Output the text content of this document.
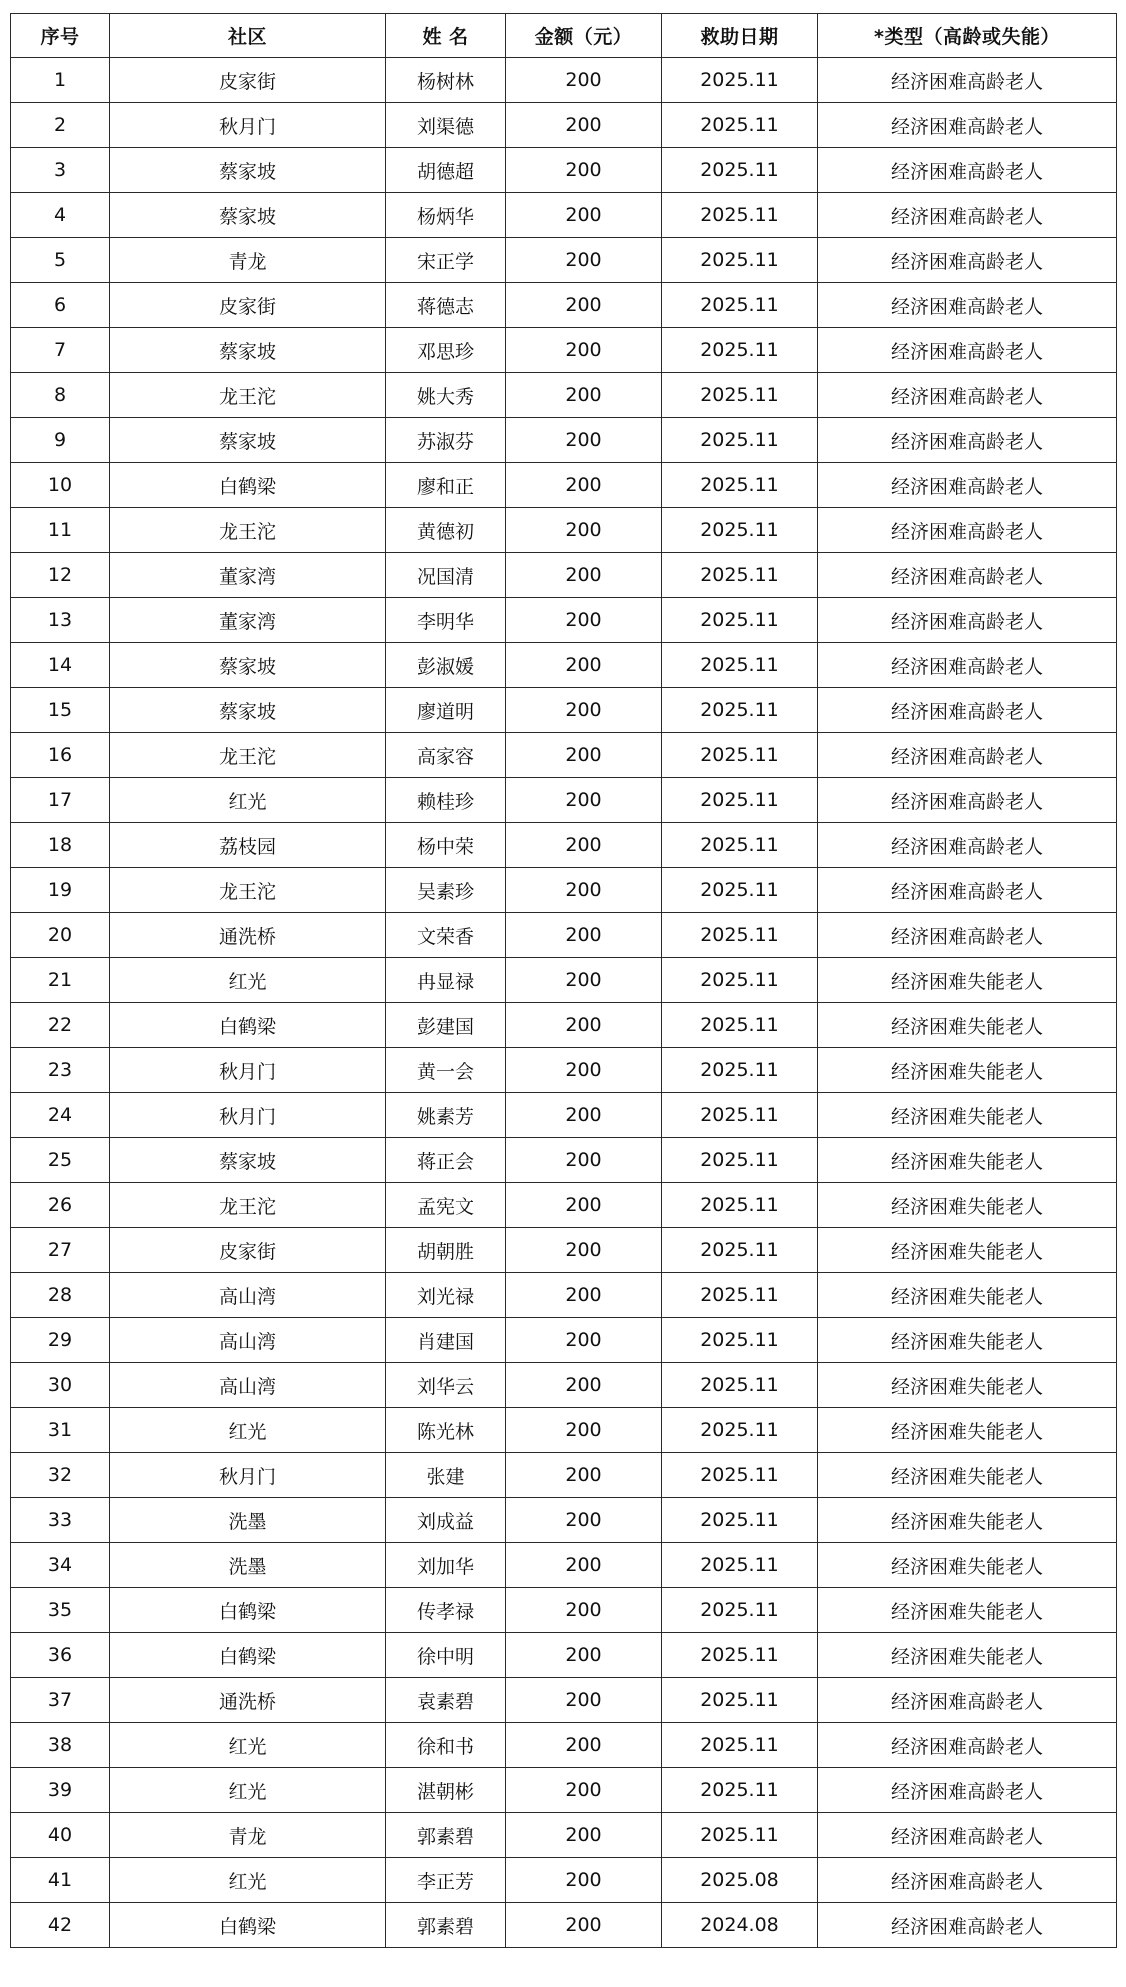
序号	社区	姓 名	金额（元）	救助日期	*类型（高龄或失能）
1	皮家街	杨树林	200	2025.11	经济困难高龄老人
2	秋月门	刘渠德	200	2025.11	经济困难高龄老人
3	蔡家坡	胡德超	200	2025.11	经济困难高龄老人
4	蔡家坡	杨炳华	200	2025.11	经济困难高龄老人
5	青龙	宋正学	200	2025.11	经济困难高龄老人
6	皮家街	蒋德志	200	2025.11	经济困难高龄老人
7	蔡家坡	邓思珍	200	2025.11	经济困难高龄老人
8	龙王沱	姚大秀	200	2025.11	经济困难高龄老人
9	蔡家坡	苏淑芬	200	2025.11	经济困难高龄老人
10	白鹤梁	廖和正	200	2025.11	经济困难高龄老人
11	龙王沱	黄德初	200	2025.11	经济困难高龄老人
12	董家湾	况国清	200	2025.11	经济困难高龄老人
13	董家湾	李明华	200	2025.11	经济困难高龄老人
14	蔡家坡	彭淑媛	200	2025.11	经济困难高龄老人
15	蔡家坡	廖道明	200	2025.11	经济困难高龄老人
16	龙王沱	高家容	200	2025.11	经济困难高龄老人
17	红光	赖桂珍	200	2025.11	经济困难高龄老人
18	荔枝园	杨中荣	200	2025.11	经济困难高龄老人
19	龙王沱	吴素珍	200	2025.11	经济困难高龄老人
20	通洗桥	文荣香	200	2025.11	经济困难高龄老人
21	红光	冉显禄	200	2025.11	经济困难失能老人
22	白鹤梁	彭建国	200	2025.11	经济困难失能老人
23	秋月门	黄一会	200	2025.11	经济困难失能老人
24	秋月门	姚素芳	200	2025.11	经济困难失能老人
25	蔡家坡	蒋正会	200	2025.11	经济困难失能老人
26	龙王沱	孟宪文	200	2025.11	经济困难失能老人
27	皮家街	胡朝胜	200	2025.11	经济困难失能老人
28	高山湾	刘光禄	200	2025.11	经济困难失能老人
29	高山湾	肖建国	200	2025.11	经济困难失能老人
30	高山湾	刘华云	200	2025.11	经济困难失能老人
31	红光	陈光林	200	2025.11	经济困难失能老人
32	秋月门	张建	200	2025.11	经济困难失能老人
33	洗墨	刘成益	200	2025.11	经济困难失能老人
34	洗墨	刘加华	200	2025.11	经济困难失能老人
35	白鹤梁	传孝禄	200	2025.11	经济困难失能老人
36	白鹤梁	徐中明	200	2025.11	经济困难失能老人
37	通洗桥	袁素碧	200	2025.11	经济困难高龄老人
38	红光	徐和书	200	2025.11	经济困难高龄老人
39	红光	湛朝彬	200	2025.11	经济困难高龄老人
40	青龙	郭素碧	200	2025.11	经济困难高龄老人
41	红光	李正芳	200	2025.08	经济困难高龄老人
42	白鹤梁	郭素碧	200	2024.08	经济困难高龄老人
